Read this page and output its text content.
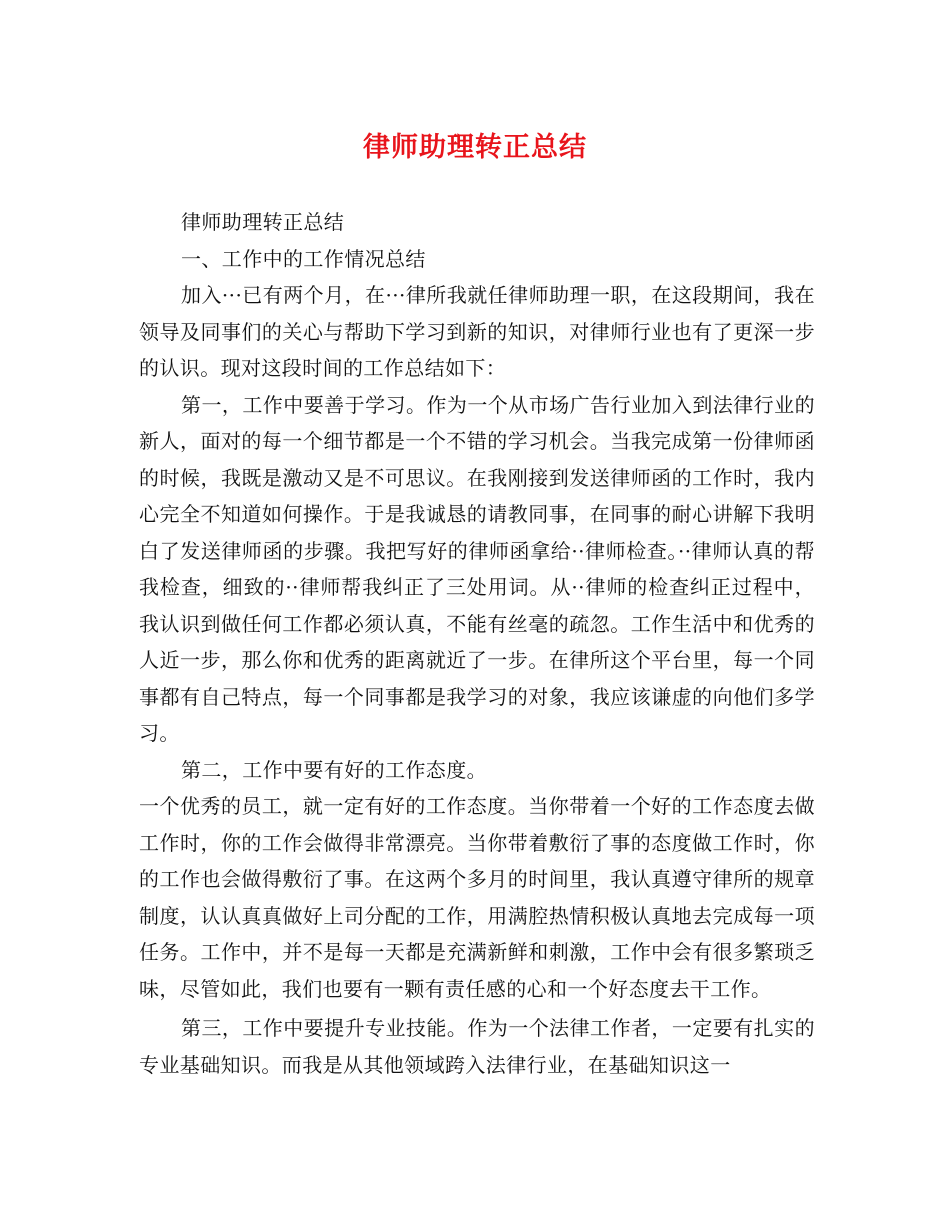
律师助理转正总结

律师助理转正总结

一、工作中的工作情况总结

加入···已有两个月，在···律所我就任律师助理一职，在这段期间，我在领导及同事们的关心与帮助下学习到新的知识，对律师行业也有了更深一步的认识。现对这段时间的工作总结如下：

第一，工作中要善于学习。作为一个从市场广告行业加入到法律行业的新人，面对的每一个细节都是一个不错的学习机会。当我完成第一份律师函的时候，我既是激动又是不可思议。在我刚接到发送律师函的工作时，我内心完全不知道如何操作。于是我诚恳的请教同事，在同事的耐心讲解下我明白了发送律师函的步骤。我把写好的律师函拿给··律师检查。··律师认真的帮我检查，细致的··律师帮我纠正了三处用词。从··律师的检查纠正过程中，我认识到做任何工作都必须认真，不能有丝毫的疏忽。工作生活中和优秀的人近一步，那么你和优秀的距离就近了一步。在律所这个平台里，每一个同事都有自己特点，每一个同事都是我学习的对象，我应该谦虚的向他们多学习。

第二，工作中要有好的工作态度。

一个优秀的员工，就一定有好的工作态度。当你带着一个好的工作态度去做工作时，你的工作会做得非常漂亮。当你带着敷衍了事的态度做工作时，你的工作也会做得敷衍了事。在这两个多月的时间里，我认真遵守律所的规章制度，认认真真做好上司分配的工作，用满腔热情积极认真地去完成每一项任务。工作中，并不是每一天都是充满新鲜和刺激，工作中会有很多繁琐乏味，尽管如此，我们也要有一颗有责任感的心和一个好态度去干工作。

第三，工作中要提升专业技能。作为一个法律工作者，一定要有扎实的专业基础知识。而我是从其他领域跨入法律行业，在基础知识这一
